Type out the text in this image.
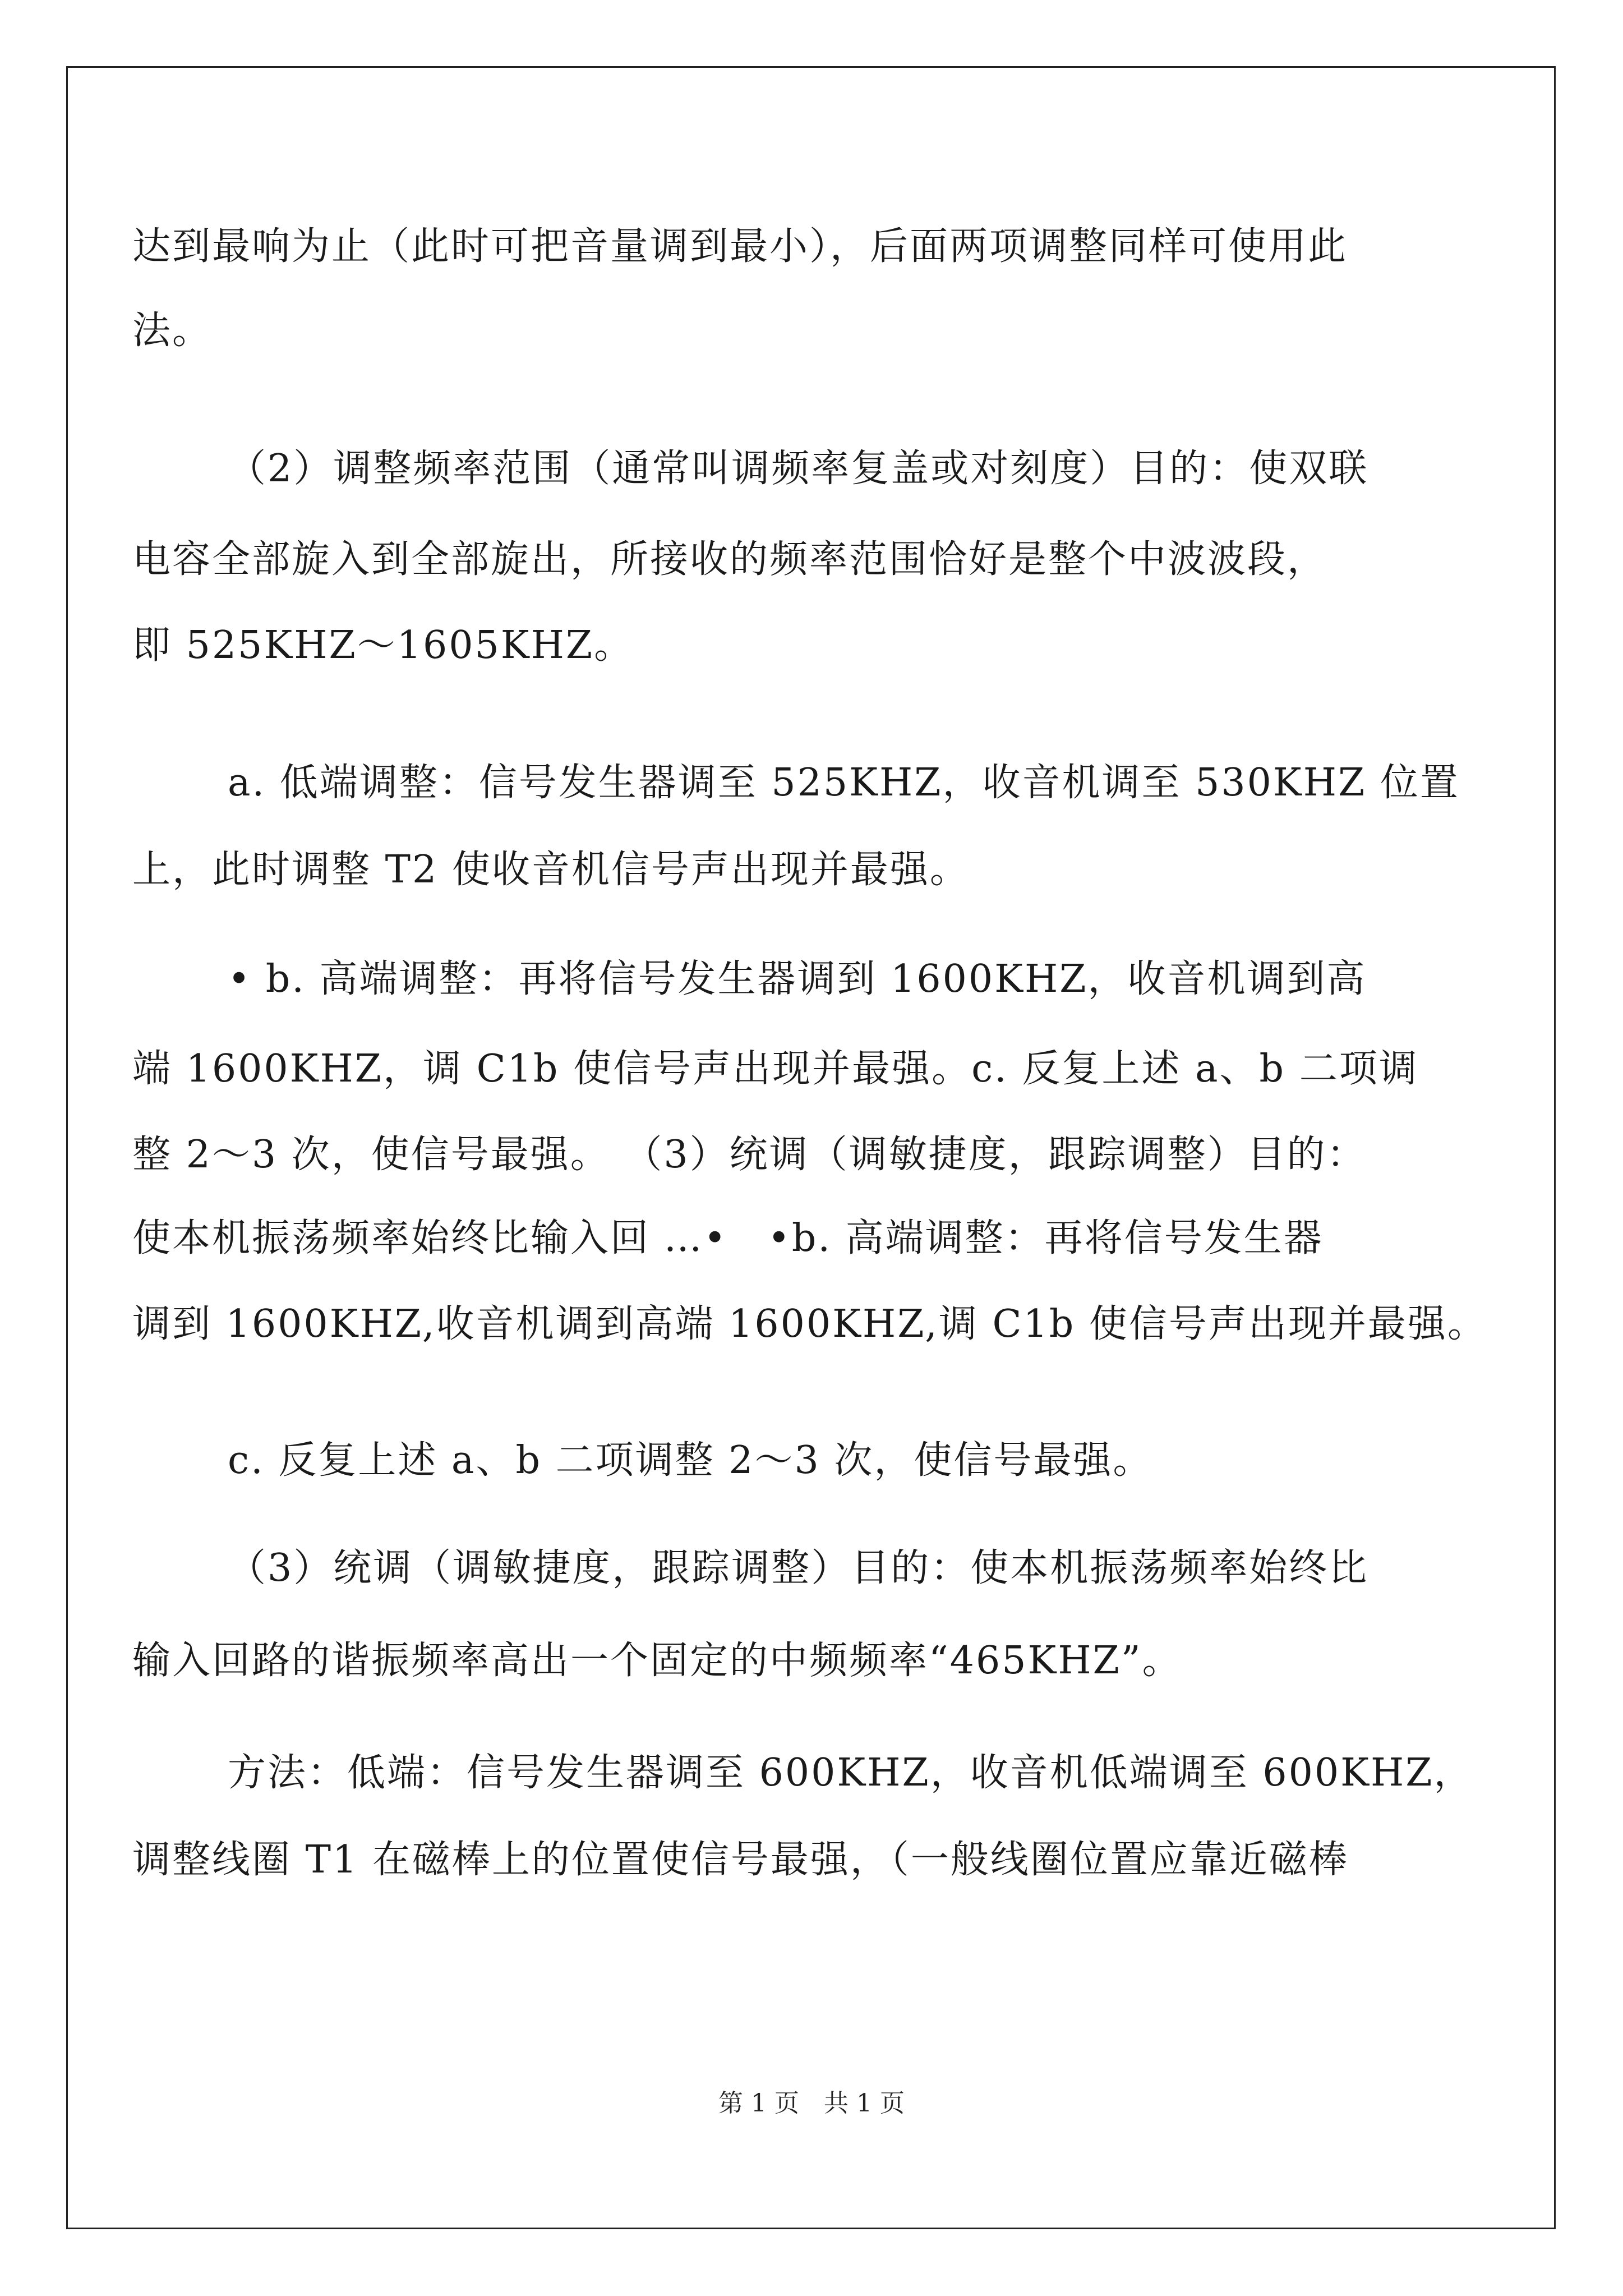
达到最响为止（此时可把音量调到最小），后面两项调整同样可使用此
法。
（2）调整频率范围（通常叫调频率复盖或对刻度）目的：使双联
电容全部旋入到全部旋出，所接收的频率范围恰好是整个中波波段，
即 525KHZ～1605KHZ。
a. 低端调整：信号发生器调至 525KHZ，收音机调至 530KHZ 位置
上，此时调整 T2 使收音机信号声出现并最强。
• b. 高端调整：再将信号发生器调到 1600KHZ，收音机调到高
端 1600KHZ，调 C1b 使信号声出现并最强。c. 反复上述 a、b 二项调
整 2～3 次，使信号最强。 （3）统调（调敏捷度，跟踪调整）目的：
使本机振荡频率始终比输入回 …•　•b. 高端调整：再将信号发生器
调到 1600KHZ,收音机调到高端 1600KHZ,调 C1b 使信号声出现并最强。
c. 反复上述 a、b 二项调整 2～3 次，使信号最强。
（3）统调（调敏捷度，跟踪调整）目的：使本机振荡频率始终比
输入回路的谐振频率高出一个固定的中频频率“465KHZ”。
方法：低端：信号发生器调至 600KHZ，收音机低端调至 600KHZ，
调整线圈 T1 在磁棒上的位置使信号最强，（一般线圈位置应靠近磁棒
第 1 页　共 1 页
